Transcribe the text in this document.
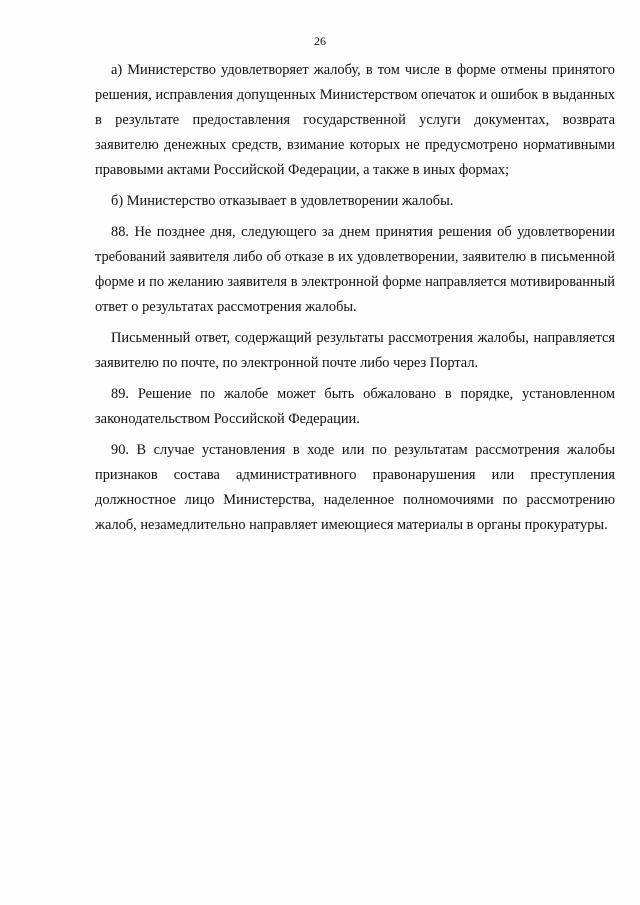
26

а) Министерство удовлетворяет жалобу, в том числе в форме отмены принятого решения, исправления допущенных Министерством опечаток и ошибок в выданных в результате предоставления государственной услуги документах, возврата заявителю денежных средств, взимание которых не предусмотрено нормативными правовыми актами Российской Федерации, а также в иных формах;

б) Министерство отказывает в удовлетворении жалобы.

88. Не позднее дня, следующего за днем принятия решения об удовлетворении требований заявителя либо об отказе в их удовлетворении, заявителю в письменной форме и по желанию заявителя в электронной форме направляется мотивированный ответ о результатах рассмотрения жалобы.

Письменный ответ, содержащий результаты рассмотрения жалобы, направляется заявителю по почте, по электронной почте либо через Портал.

89. Решение по жалобе может быть обжаловано в порядке, установленном законодательством Российской Федерации.

90. В случае установления в ходе или по результатам рассмотрения жалобы признаков состава административного правонарушения или преступления должностное лицо Министерства, наделенное полномочиями по рассмотрению жалоб, незамедлительно направляет имеющиеся материалы в органы прокуратуры.
